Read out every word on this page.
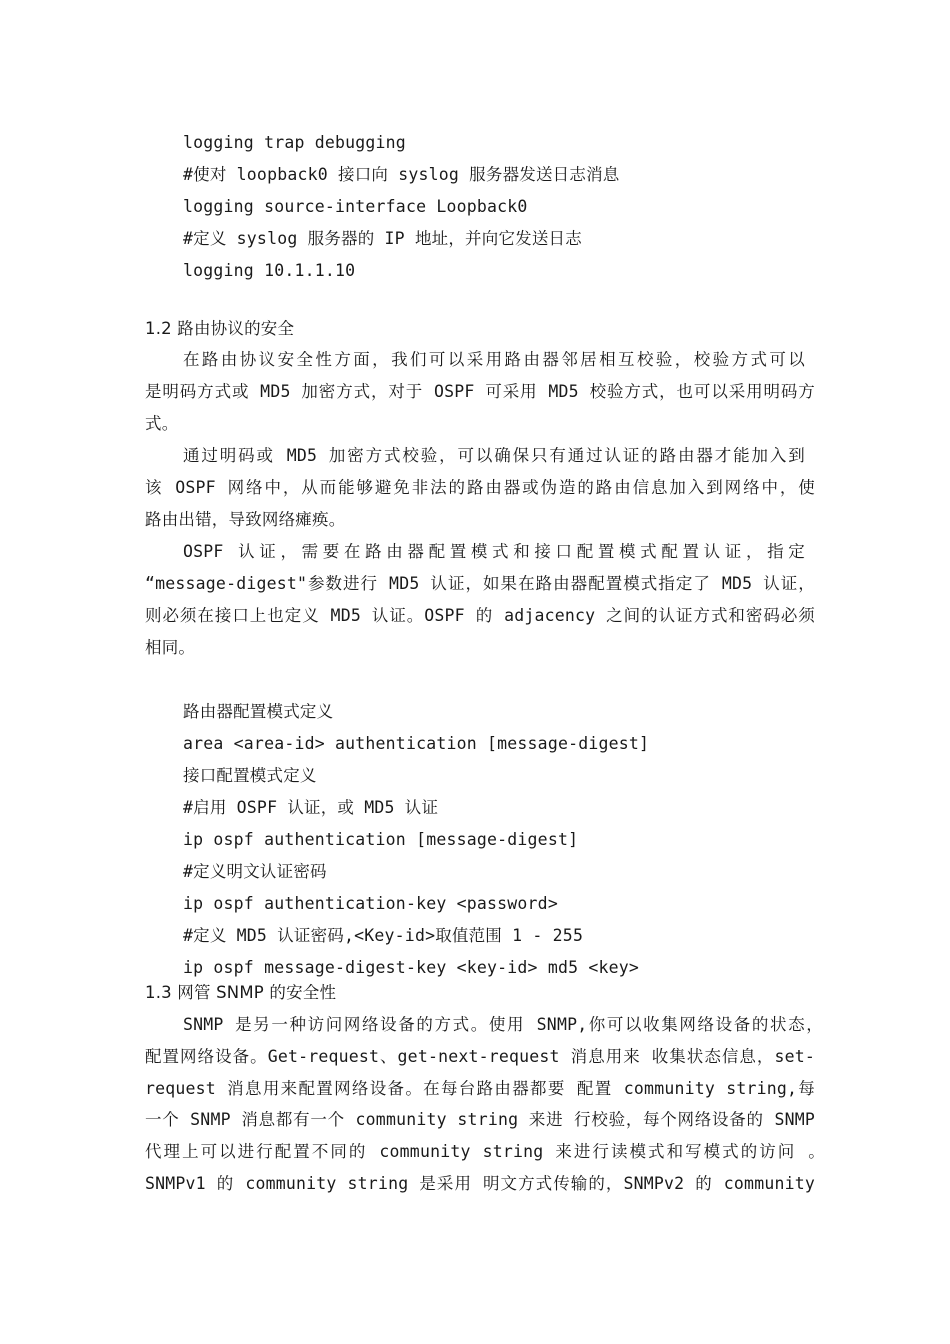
logging trap debugging
#使对 loopback0 接口向 syslog 服务器发送日志消息
logging source-interface Loopback0
#定义 syslog 服务器的 IP 地址，并向它发送日志
logging 10.1.1.10
1.2 路由协议的安全
在路由协议安全性方面，我们可以采用路由器邻居相互校验，校验方式可以
是明码方式或 MD5 加密方式，对于 OSPF 可采用 MD5 校验方式，也可以采用明码方
式。
通过明码或 MD5 加密方式校验，可以确保只有通过认证的路由器才能加入到
该 OSPF 网络中，从而能够避免非法的路由器或伪造的路由信息加入到网络中，使
路由出错，导致网络瘫痪。
OSPF 认证，需要在路由器配置模式和接口配置模式配置认证，指定
“message-digest"参数进行 MD5 认证，如果在路由器配置模式指定了 MD5 认证，
则必须在接口上也定义 MD5 认证。OSPF 的 adjacency 之间的认证方式和密码必须
相同。
路由器配置模式定义
area <area-id> authentication [message-digest]
接口配置模式定义
#启用 OSPF 认证，或 MD5 认证
ip ospf authentication [message-digest]
#定义明文认证密码
ip ospf authentication-key <password>
#定义 MD5 认证密码,<Key-id>取值范围 1 - 255
ip ospf message-digest-key <key-id> md5 <key>
1.3 网管 SNMP 的安全性
SNMP 是另一种访问网络设备的方式。使用 SNMP,你可以收集网络设备的状态，
配置网络设备。Get-request、get-next-request 消息用来 收集状态信息，set-
request 消息用来配置网络设备。在每台路由器都要 配置 community string,每
一个 SNMP 消息都有一个 community string 来进 行校验，每个网络设备的 SNMP
代理上可以进行配置不同的 community string 来进行读模式和写模式的访问 。
SNMPv1 的 community string 是采用 明文方式传输的，SNMPv2 的 community
